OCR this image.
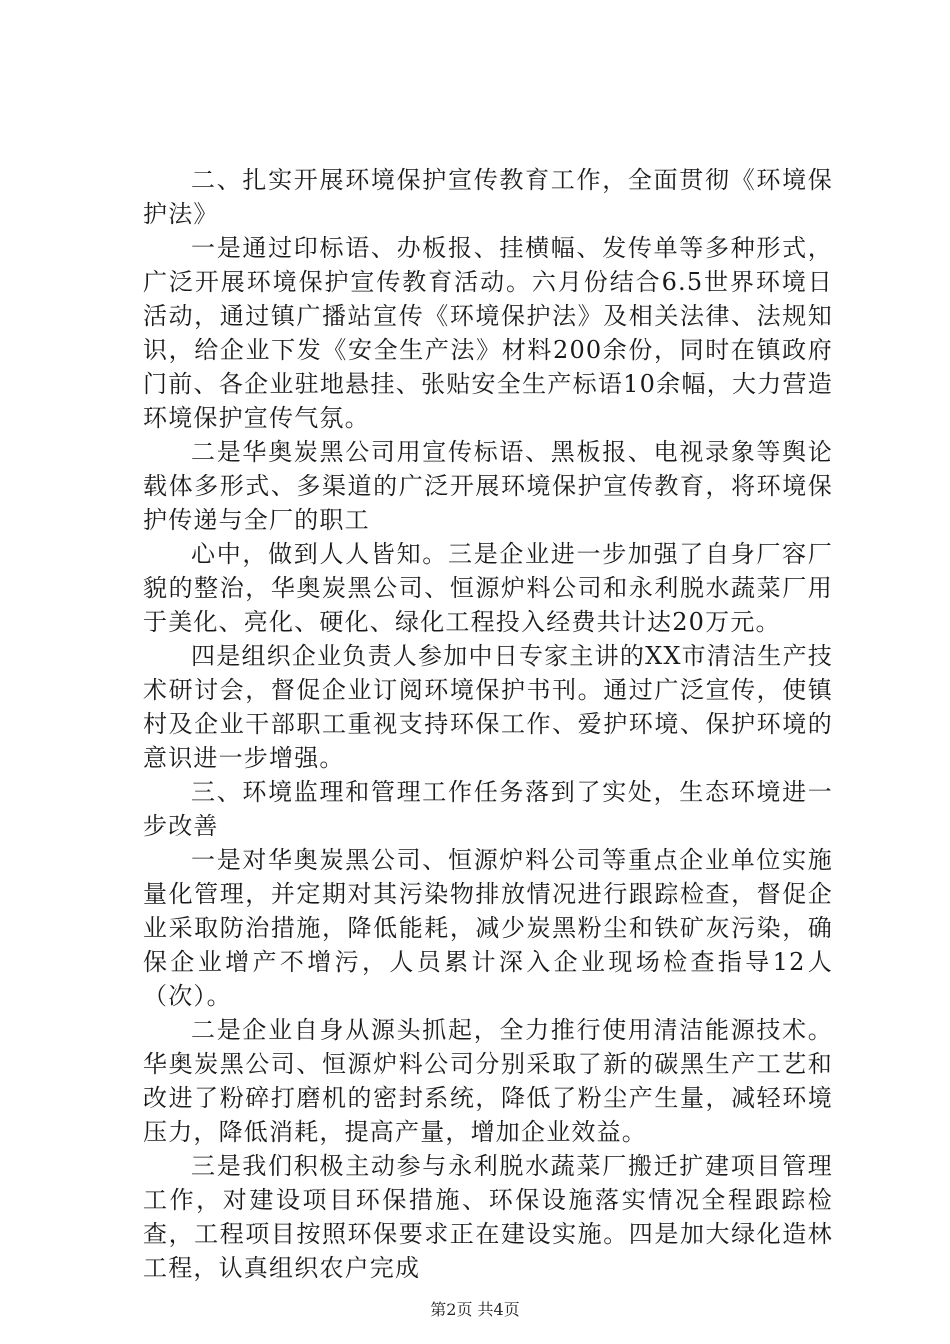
二、扎实开展环境保护宣传教育工作，全面贯彻《环境保护法》

一是通过印标语、办板报、挂横幅、发传单等多种形式，广泛开展环境保护宣传教育活动。六月份结合6.5世界环境日活动，通过镇广播站宣传《环境保护法》及相关法律、法规知识，给企业下发《安全生产法》材料200余份，同时在镇政府门前、各企业驻地悬挂、张贴安全生产标语10余幅，大力营造环境保护宣传气氛。

二是华奥炭黑公司用宣传标语、黑板报、电视录象等舆论载体多形式、多渠道的广泛开展环境保护宣传教育，将环境保护传递与全厂的职工

心中，做到人人皆知。三是企业进一步加强了自身厂容厂貌的整治，华奥炭黑公司、恒源炉料公司和永利脱水蔬菜厂用于美化、亮化、硬化、绿化工程投入经费共计达20万元。

四是组织企业负责人参加中日专家主讲的XX市清洁生产技术研讨会，督促企业订阅环境保护书刊。通过广泛宣传，使镇村及企业干部职工重视支持环保工作、爱护环境、保护环境的意识进一步增强。

三、环境监理和管理工作任务落到了实处，生态环境进一步改善

一是对华奥炭黑公司、恒源炉料公司等重点企业单位实施量化管理，并定期对其污染物排放情况进行跟踪检查，督促企业采取防治措施，降低能耗，减少炭黑粉尘和铁矿灰污染，确保企业增产不增污，人员累计深入企业现场检查指导12人（次）。

二是企业自身从源头抓起，全力推行使用清洁能源技术。华奥炭黑公司、恒源炉料公司分别采取了新的碳黑生产工艺和改进了粉碎打磨机的密封系统，降低了粉尘产生量，减轻环境压力，降低消耗，提高产量，增加企业效益。

三是我们积极主动参与永利脱水蔬菜厂搬迁扩建项目管理工作，对建设项目环保措施、环保设施落实情况全程跟踪检查，工程项目按照环保要求正在建设实施。四是加大绿化造林工程，认真组织农户完成

第2页 共4页
